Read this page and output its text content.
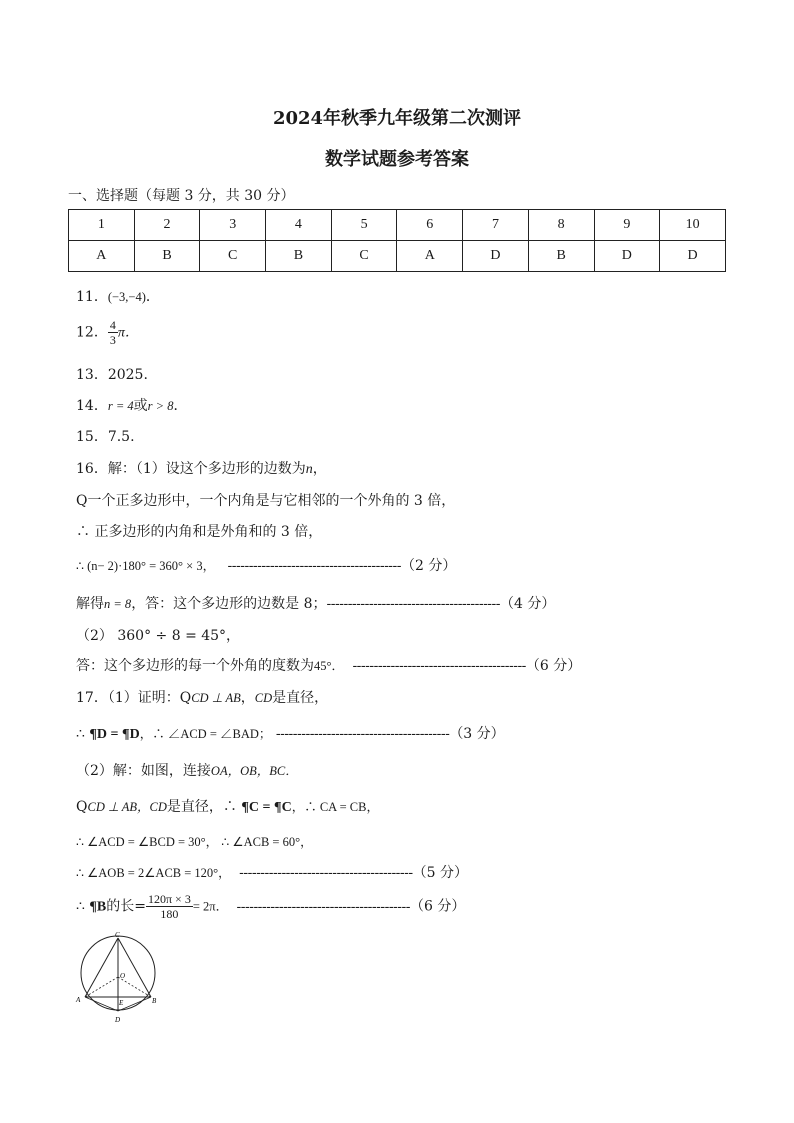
2024年秋季九年级第二次测评
数学试题参考答案
一、选择题（每题 3 分，共 30 分）
1	2	3	4	5	6	7	8	9	10
A	B	C	B	C	A	D	B	D	D
11．(−3,−4)．
12． $\frac{4}{3}$ π．
13．2025.
14．r = 4或r > 8．
15．7.5.
16．解：（1）设这个多边形的边数为n，
Q一个正多边形中，一个内角是与它相邻的一个外角的 3 倍，
∴ 正多边形的内角和是外角和的 3 倍，
∴ (n− 2)·180° = 360° × 3， -----------------------------------------（2 分）
解得n = 8，答：这个多边形的边数是 8；-----------------------------------------（4 分）
（2） 360° ÷ 8 = 45°，
答：这个多边形的每一个外角的度数为45°． -----------------------------------------（6 分）
17．（1）证明：QCD ⊥ AB，CD是直径，
∴ ¶D = ¶D，∴ ∠ACD = ∠BAD； -----------------------------------------（3 分）
（2）解：如图，连接OA，OB，BC．
QCD ⊥ AB，CD是直径，∴ ¶C = ¶C，∴ CA = CB，
∴ ∠ACD = ∠BCD = 30°， ∴ ∠ACB = 60°，
∴ ∠AOB = 2∠ACB = 120°， -----------------------------------------（5 分）
∴ ¶B的长= $\frac{120\pi \times 3}{180} = 2\pi$． -----------------------------------------（6 分）
C
O
A	E	B
D
